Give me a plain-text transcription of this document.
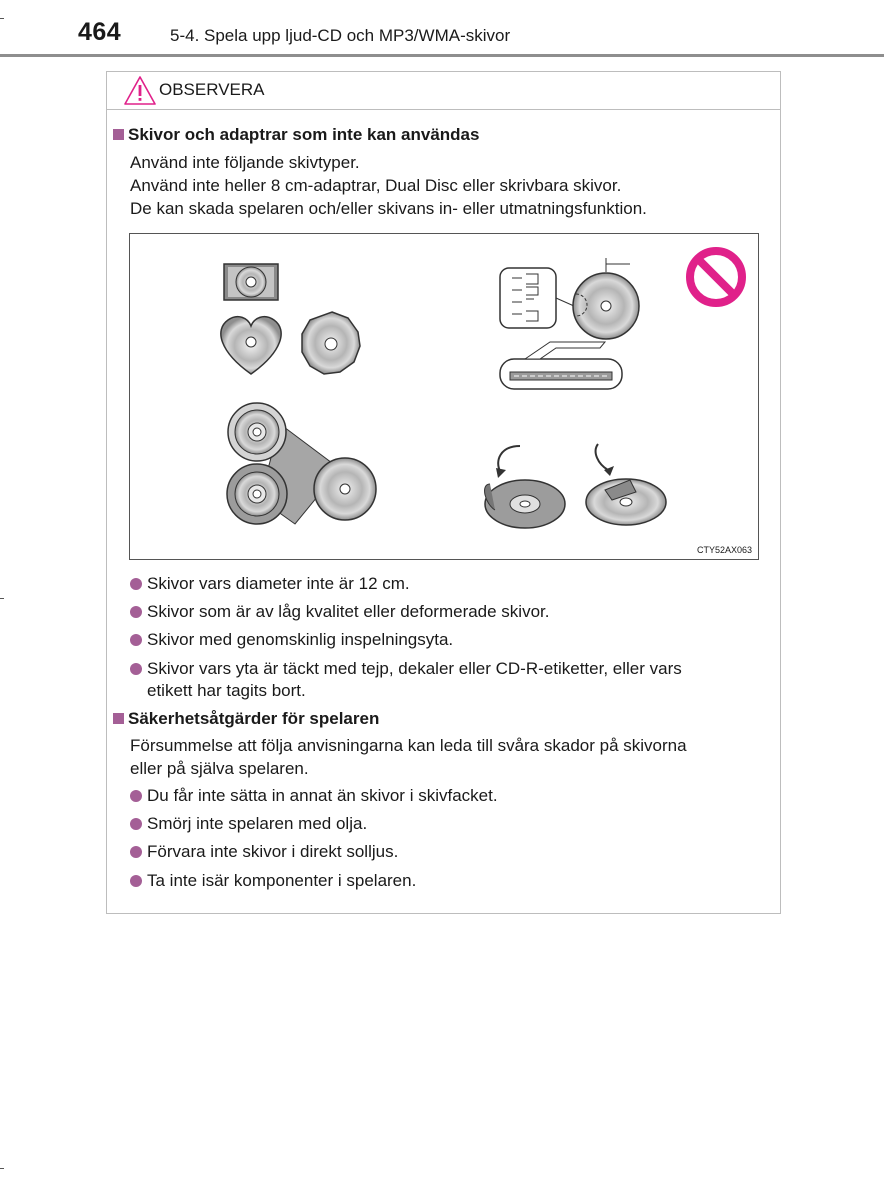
464	5-4. Spela upp ljud-CD och MP3/WMA-skivor
OBSERVERA
Skivor och adaptrar som inte kan användas
Använd inte följande skivtyper.
Använd inte heller 8 cm-adaptrar, Dual Disc eller skrivbara skivor.
De kan skada spelaren och/eller skivans in- eller utmatningsfunktion.
CTY52AX063
Skivor vars diameter inte är 12 cm.
Skivor som är av låg kvalitet eller deformerade skivor.
Skivor med genomskinlig inspelningsyta.
Skivor vars yta är täckt med tejp, dekaler eller CD-R-etiketter, eller vars
etikett har tagits bort.
Säkerhetsåtgärder för spelaren
Försummelse att följa anvisningarna kan leda till svåra skador på skivorna
eller på själva spelaren.
Du får inte sätta in annat än skivor i skivfacket.
Smörj inte spelaren med olja.
Förvara inte skivor i direkt solljus.
Ta inte isär komponenter i spelaren.
